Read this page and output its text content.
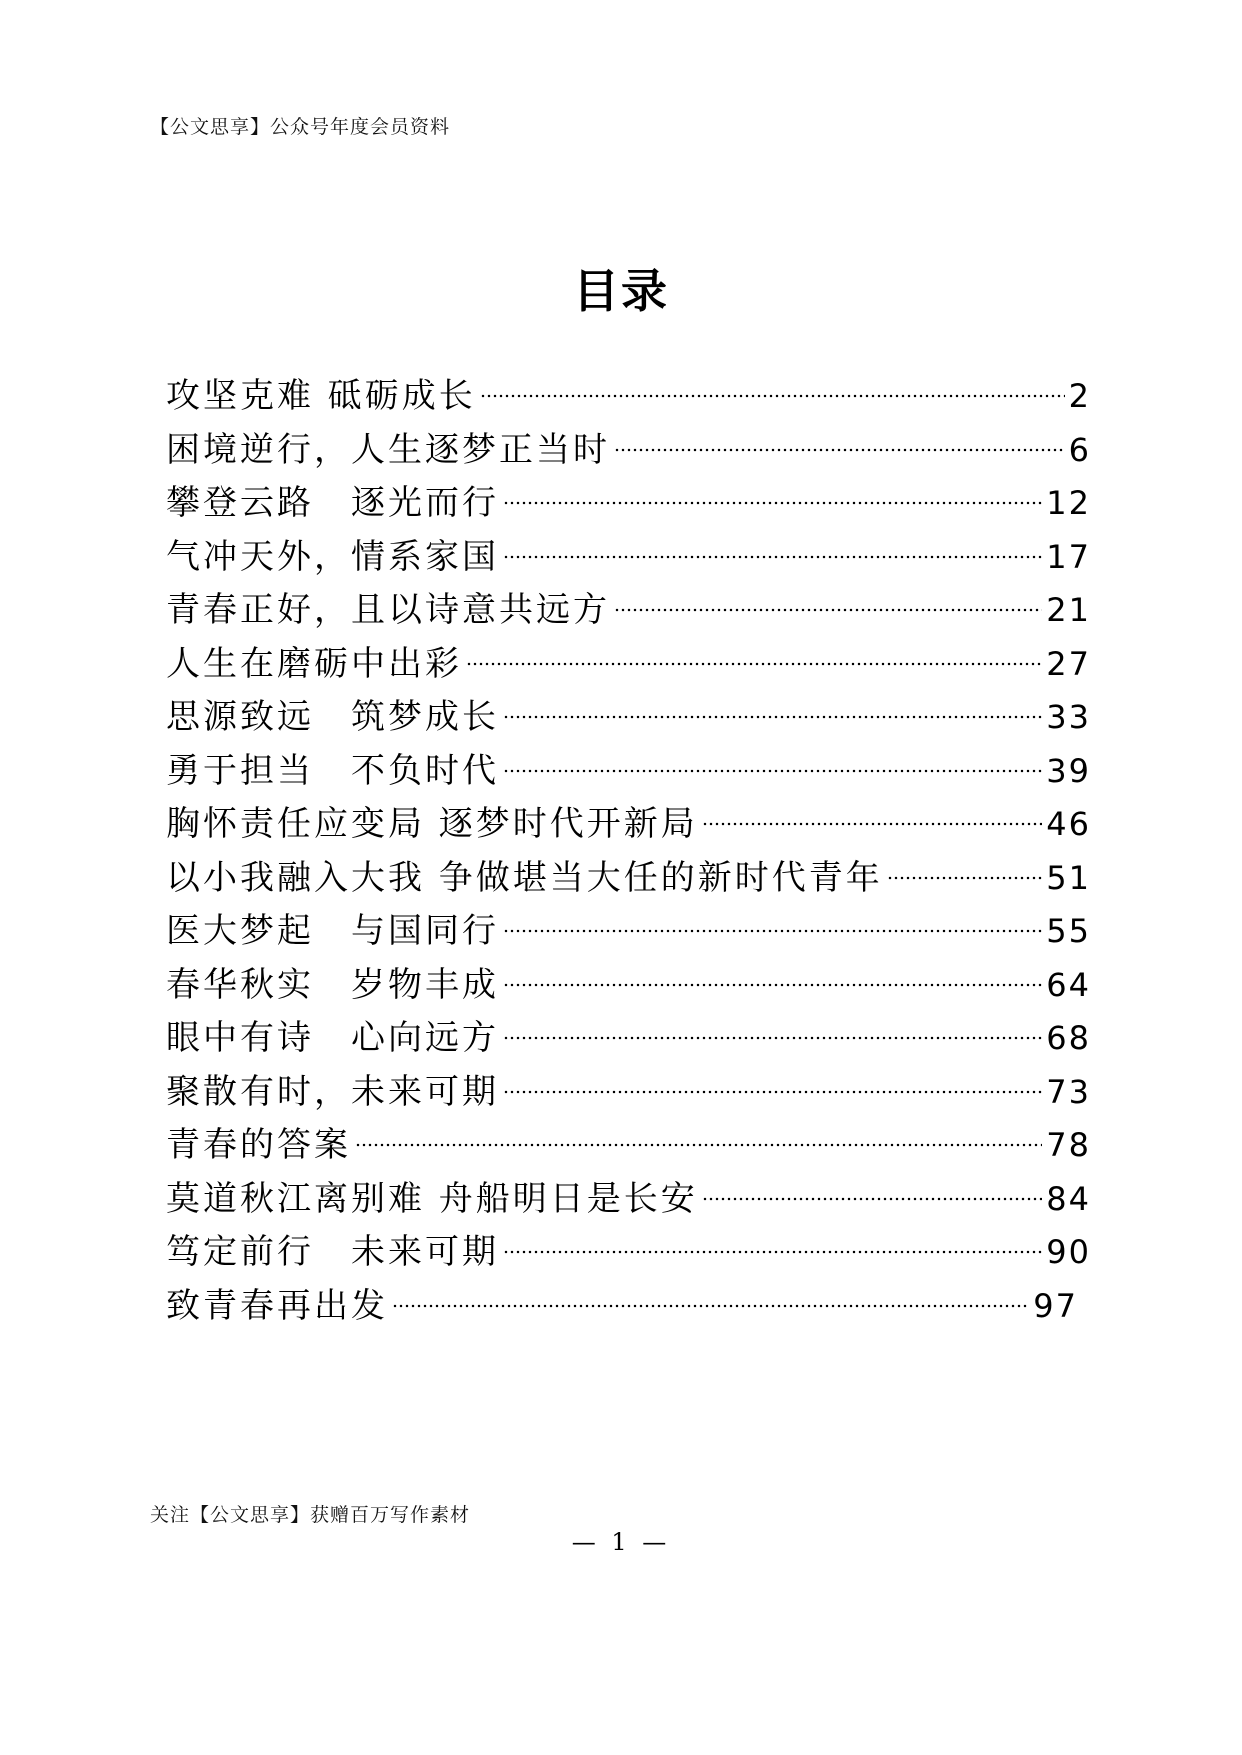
【公文思享】公众号年度会员资料
目录
攻坚克难 砥砺成长	2
困境逆行，人生逐梦正当时	6
攀登云路　逐光而行	12
气冲天外，情系家国	17
青春正好，且以诗意共远方	21
人生在磨砺中出彩	27
思源致远　筑梦成长	33
勇于担当　不负时代	39
胸怀责任应变局 逐梦时代开新局	46
以小我融入大我 争做堪当大任的新时代青年	51
医大梦起　与国同行	55
春华秋实　岁物丰成	64
眼中有诗　心向远方	68
聚散有时，未来可期	73
青春的答案	78
莫道秋江离别难 舟船明日是长安	84
笃定前行　未来可期	90
致青春再出发	97
关注【公文思享】获赠百万写作素材
— 1 —
